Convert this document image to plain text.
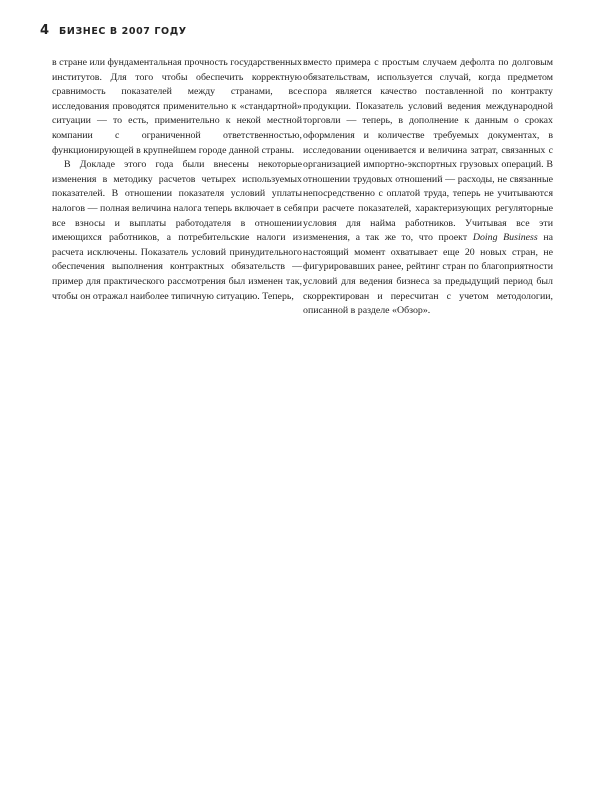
4 БИЗНЕС В 2007 ГОДУ

в стране или фундаментальная прочность государственных институтов. Для того чтобы обеспечить корректную сравнимость показателей между странами, все исследования проводятся применительно к «стандартной» ситуации — то есть, применительно к некой местной компании с ограниченной ответственностью, функционирующей в крупнейшем городе данной страны.

В Докладе этого года были внесены некоторые изменения в методику расчетов четырех используемых показателей. В отношении показателя условий уплаты налогов — полная величина налога теперь включает в себя все взносы и выплаты работодателя в отношении имеющихся работников, а потребительские налоги из расчета исключены. Показатель условий принудительного обеспечения выполнения контрактных обязательств — пример для практического рассмотрения был изменен так, чтобы он отражал наиболее типичную ситуацию. Теперь,

вместо примера с простым случаем дефолта по долговым обязательствам, используется случай, когда предметом спора является качество поставленной по контракту продукции. Показатель условий ведения международной торговли — теперь, в дополнение к данным о сроках оформления и количестве требуемых документах, в исследовании оценивается и величина затрат, связанных с организацией импортно-экспортных грузовых операций. В отношении трудовых отношений — расходы, не связанные непосредственно с оплатой труда, теперь не учитываются при расчете показателей, характеризующих регуляторные условия для найма работников. Учитывая все эти изменения, а так же то, что проект Doing Business на настоящий момент охватывает еще 20 новых стран, не фигурировавших ранее, рейтинг стран по благоприятности условий для ведения бизнеса за предыдущий период был скорректирован и пересчитан с учетом методологии, описанной в разделе «Обзор».
